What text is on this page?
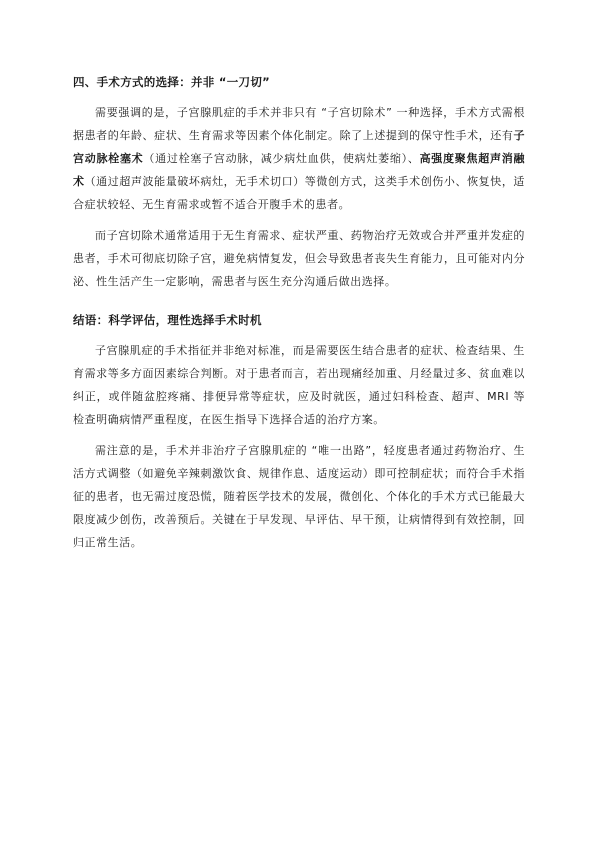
四、手术方式的选择：并非 “一刀切”

需要强调的是，子宫腺肌症的手术并非只有 “子宫切除术” 一种选择，手术方式需根据患者的年龄、症状、生育需求等因素个体化制定。除了上述提到的保守性手术，还有子宫动脉栓塞术（通过栓塞子宫动脉，减少病灶血供，使病灶萎缩）、高强度聚焦超声消融术（通过超声波能量破坏病灶，无手术切口）等微创方式，这类手术创伤小、恢复快，适合症状较轻、无生育需求或暂不适合开腹手术的患者。

而子宫切除术通常适用于无生育需求、症状严重、药物治疗无效或合并严重并发症的患者，手术可彻底切除子宫，避免病情复发，但会导致患者丧失生育能力，且可能对内分泌、性生活产生一定影响，需患者与医生充分沟通后做出选择。

结语：科学评估，理性选择手术时机

子宫腺肌症的手术指征并非绝对标准，而是需要医生结合患者的症状、检查结果、生育需求等多方面因素综合判断。对于患者而言，若出现痛经加重、月经量过多、贫血难以纠正，或伴随盆腔疼痛、排便异常等症状，应及时就医，通过妇科检查、超声、MRI 等检查明确病情严重程度，在医生指导下选择合适的治疗方案。

需注意的是，手术并非治疗子宫腺肌症的 “唯一出路”，轻度患者通过药物治疗、生活方式调整（如避免辛辣刺激饮食、规律作息、适度运动）即可控制症状；而符合手术指征的患者，也无需过度恐慌，随着医学技术的发展，微创化、个体化的手术方式已能最大限度减少创伤，改善预后。关键在于早发现、早评估、早干预，让病情得到有效控制，回归正常生活。
